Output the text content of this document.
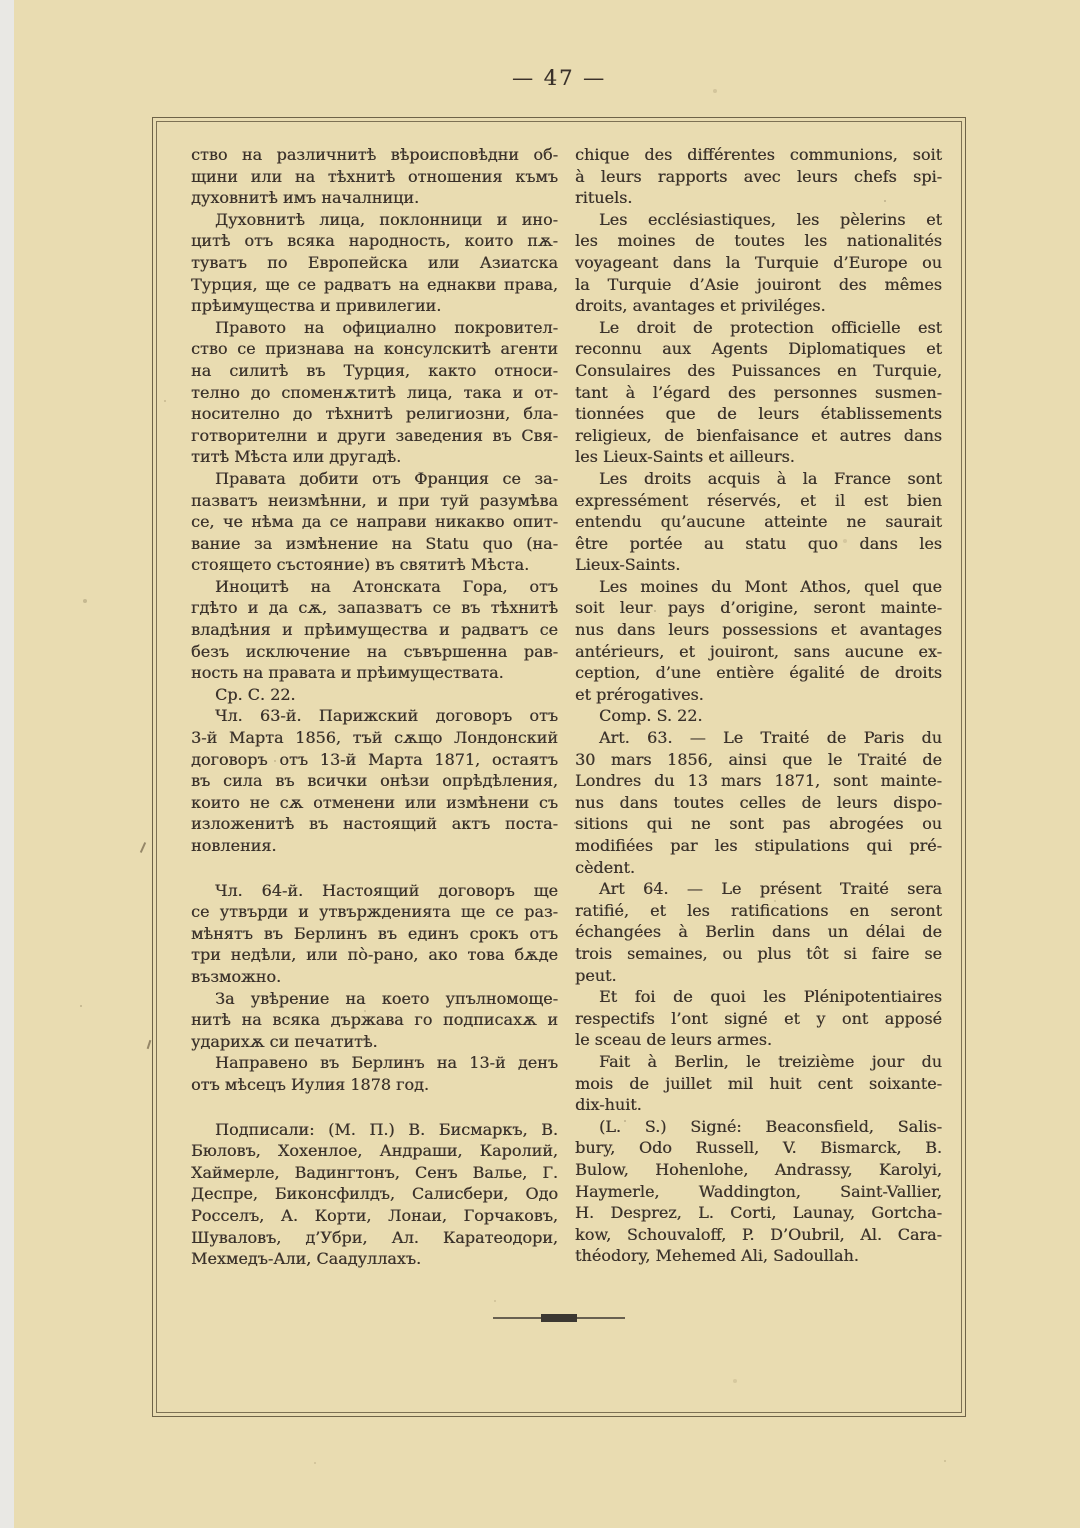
— 47 —

ство на различнитѣ вѣроисповѣдни об-
щини или на тѣхнитѣ отношения къмъ
духовнитѣ имъ началници.

Духовнитѣ лица, поклонници и ино-
цитѣ отъ всяка народность, които пѫ-
туватъ по Европейска или Азиатска
Турция, ще се радватъ на еднакви права,
прѣимущества и привилегии.

Правото на официално покровител-
ство се признава на консулскитѣ агенти
на силитѣ въ Турция, както относи-
телно до споменѫтитѣ лица, така и от-
носително до тѣхнитѣ религиозни, бла-
готворителни и други заведения въ Свя-
титѣ Мѣста или другадѣ.

Правата добити отъ Франция се за-
пазватъ неизмѣнни, и при туй разумѣва
се, че нѣма да се направи никакво опит-
вание за измѣнение на Statu quo (на-
стоящето състояние) въ святитѣ Мѣста.

Иноцитѣ на Атонската Гора, отъ
гдѣто и да сѫ, запазватъ се въ тѣхнитѣ
владѣния и прѣимущества и радватъ се
безъ исключение на съвършенна рав-
ность на правата и прѣимуществата.

Ср. С. 22.

Чл. 63-й. Парижский договоръ отъ
3-й Марта 1856, тъй сѫщо Лондонский
договоръ отъ 13-й Марта 1871, остаятъ
въ сила въ всички онѣзи опрѣдѣления,
които не сѫ отменени или измѣнени съ
изложенитѣ въ настоящий актъ поста-
новления.

Чл. 64-й. Настоящий договоръ ще
се утвърди и утвържденията ще се раз-
мѣнятъ въ Берлинъ въ единъ срокъ отъ
три недѣли, или по̀-рано, ако това бѫде
възможно.

За увѣрение на което упълномоще-
нитѣ на всяка държава го подписахѫ и
ударихѫ си печатитѣ.

Направено въ Берлинъ на 13-й денъ
отъ мѣсецъ Иулия 1878 год.

Подписали: (М. П.) В. Бисмаркъ, В.
Бюловъ, Хохенлое, Андраши, Каролий,
Хаймерле, Вадингтонъ, Сенъ Валье, Г.
Деспре, Биконсфилдъ, Салисбери, Одо
Росселъ, А. Корти, Лонаи, Горчаковъ,
Шуваловъ, д’Убри, Ал. Каратеодори,
Мехмедъ-Али, Саадуллахъ.

chique des différentes communions, soit
à leurs rapports avec leurs chefs spi-
rituels.

Les ecclésiastiques, les pèlerins et
les moines de toutes les nationalités
voyageant dans la Turquie d’Europe ou
la Turquie d’Asie jouiront des mêmes
droits, avantages et priviléges.

Le droit de protection officielle est
reconnu aux Agents Diplomatiques et
Consulaires des Puissances en Turquie,
tant à l’égard des personnes susmen-
tionnées que de leurs établissements
religieux, de bienfaisance et autres dans
les Lieux-Saints et ailleurs.

Les droits acquis à la France sont
expressément réservés, et il est bien
entendu qu’aucune atteinte ne saurait
être portée au statu quo dans les
Lieux-Saints.

Les moines du Mont Athos, quel que
soit leur pays d’origine, seront mainte-
nus dans leurs possessions et avantages
antérieurs, et jouiront, sans aucune ex-
ception, d’une entière égalité de droits
et prérogatives.

Comp. S. 22.

Art. 63. — Le Traité de Paris du
30 mars 1856, ainsi que le Traité de
Londres du 13 mars 1871, sont mainte-
nus dans toutes celles de leurs dispo-
sitions qui ne sont pas abrogées ou
modifiées par les stipulations qui pré-
cèdent.

Art 64. — Le présent Traité sera
ratifié, et les ratifications en seront
échangées à Berlin dans un délai de
trois semaines, ou plus tôt si faire se
peut.

Et foi de quoi les Plénipotentiaires
respectifs l’ont signé et y ont apposé
le sceau de leurs armes.

Fait à Berlin, le treizième jour du
mois de juillet mil huit cent soixante-
dix-huit.

(L. S.) Signé: Beaconsfield, Salis-
bury, Odo Russell, V. Bismarck, B.
Bulow, Hohenlohe, Andrassy, Karolyi,
Haymerle, Waddington, Saint-Vallier,
H. Desprez, L. Corti, Launay, Gortcha-
kow, Schouvaloff, P. D’Oubril, Al. Cara-
théodory, Mehemed Ali, Sadoullah.
